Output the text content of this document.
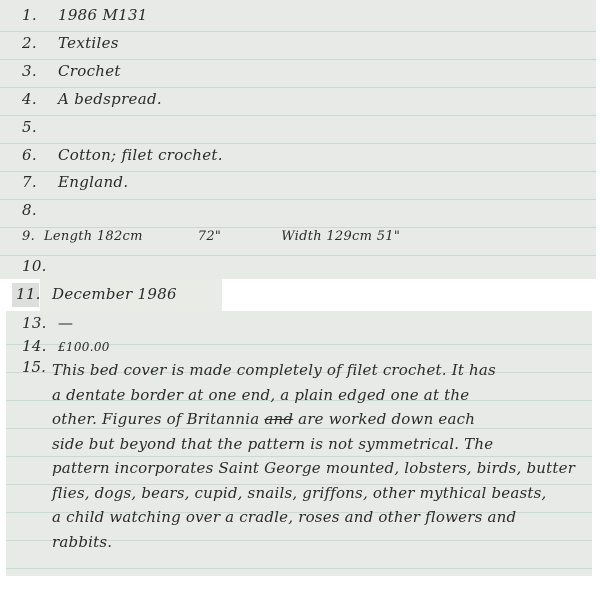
1. 1986 M131
2. Textiles
3. Crochet
4. A bedspread.
5.
6. Cotton; filet crochet.
7. England.
8.
9. Length 182cm	72"	Width 129cm 51"
10.
11. December 1986
13. —
14. £100.00
15. This bed cover is made completely of filet crochet. It has
a dentate border at one end, a plain edged one at the
other. Figures of Britannia and are worked down each
side but beyond that the pattern is not symmetrical. The
pattern incorporates Saint George mounted, lobsters, birds, butter
flies, dogs, bears, cupid, snails, griffons, other mythical beasts,
a child watching over a cradle, roses and other flowers and
rabbits.
